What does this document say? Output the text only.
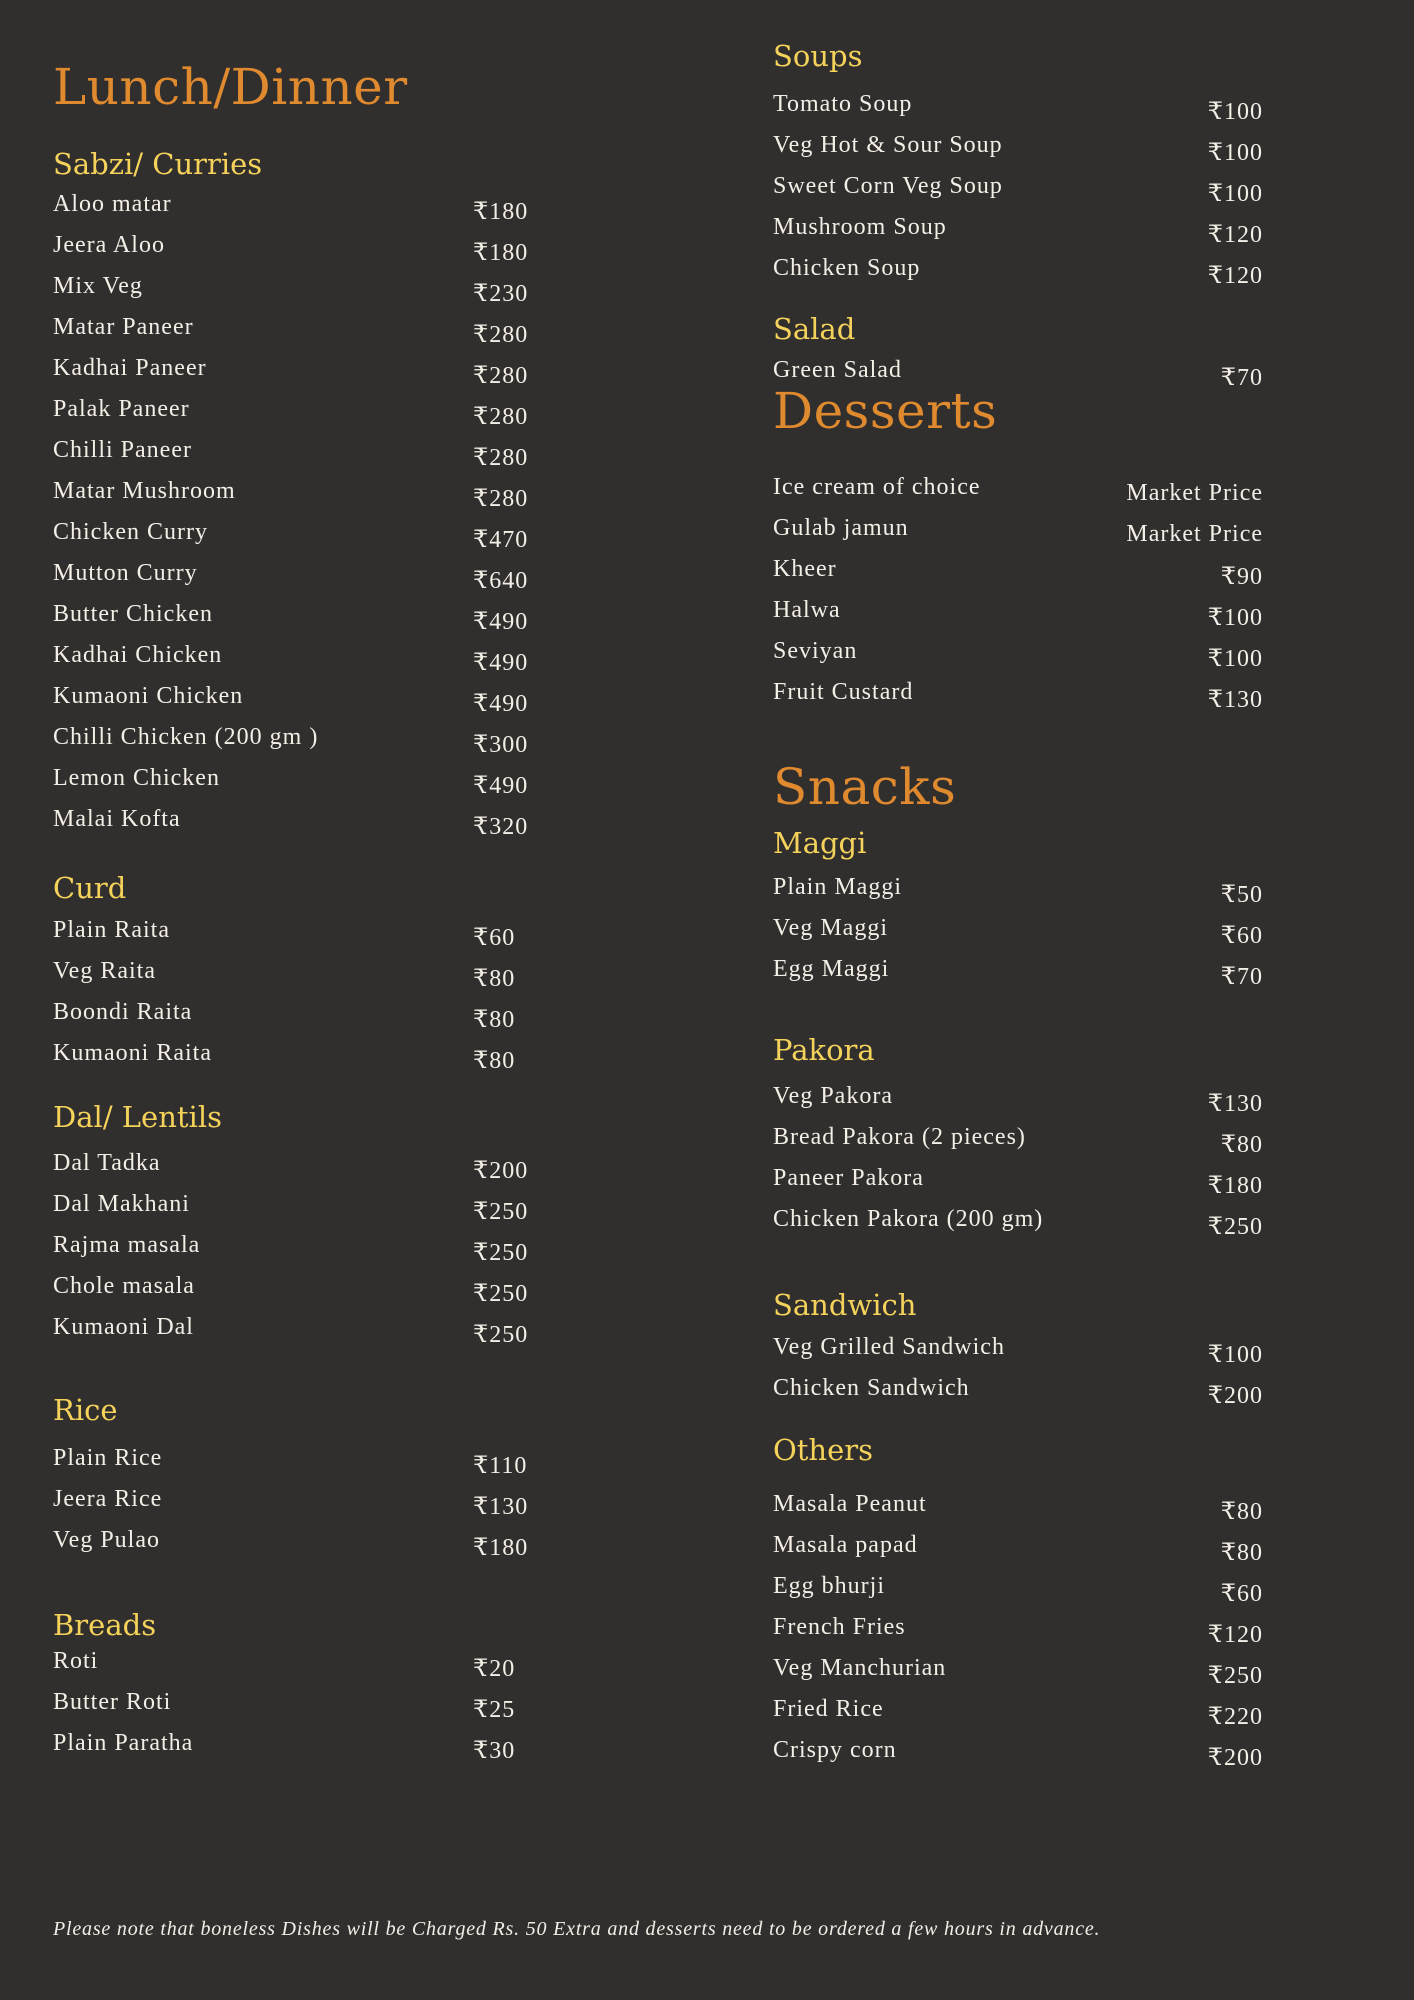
Lunch/Dinner
Sabzi/ Curries
Aloo matar	₹180
Jeera Aloo	₹180
Mix Veg	₹230
Matar Paneer	₹280
Kadhai Paneer	₹280
Palak Paneer	₹280
Chilli Paneer	₹280
Matar Mushroom	₹280
Chicken Curry	₹470
Mutton Curry	₹640
Butter Chicken	₹490
Kadhai Chicken	₹490
Kumaoni Chicken	₹490
Chilli Chicken (200 gm )	₹300
Lemon Chicken	₹490
Malai Kofta	₹320
Curd
Plain Raita	₹60
Veg Raita	₹80
Boondi Raita	₹80
Kumaoni Raita	₹80
Dal/ Lentils
Dal Tadka	₹200
Dal Makhani	₹250
Rajma masala	₹250
Chole masala	₹250
Kumaoni Dal	₹250
Rice
Plain Rice	₹110
Jeera Rice	₹130
Veg Pulao	₹180
Breads
Roti	₹20
Butter Roti	₹25
Plain Paratha	₹30
Soups
Tomato Soup	₹100
Veg Hot & Sour Soup	₹100
Sweet Corn Veg Soup	₹100
Mushroom Soup	₹120
Chicken Soup	₹120
Salad
Green Salad	₹70
Desserts
Ice cream of choice	Market Price
Gulab jamun	Market Price
Kheer	₹90
Halwa	₹100
Seviyan	₹100
Fruit Custard	₹130
Snacks
Maggi
Plain Maggi	₹50
Veg Maggi	₹60
Egg Maggi	₹70
Pakora
Veg Pakora	₹130
Bread Pakora (2 pieces)	₹80
Paneer Pakora	₹180
Chicken Pakora (200 gm)	₹250
Sandwich
Veg Grilled Sandwich	₹100
Chicken Sandwich	₹200
Others
Masala Peanut	₹80
Masala papad	₹80
Egg bhurji	₹60
French Fries	₹120
Veg Manchurian	₹250
Fried Rice	₹220
Crispy corn	₹200
Please note that boneless Dishes will be Charged Rs. 50 Extra and desserts need to be ordered a few hours in advance.
